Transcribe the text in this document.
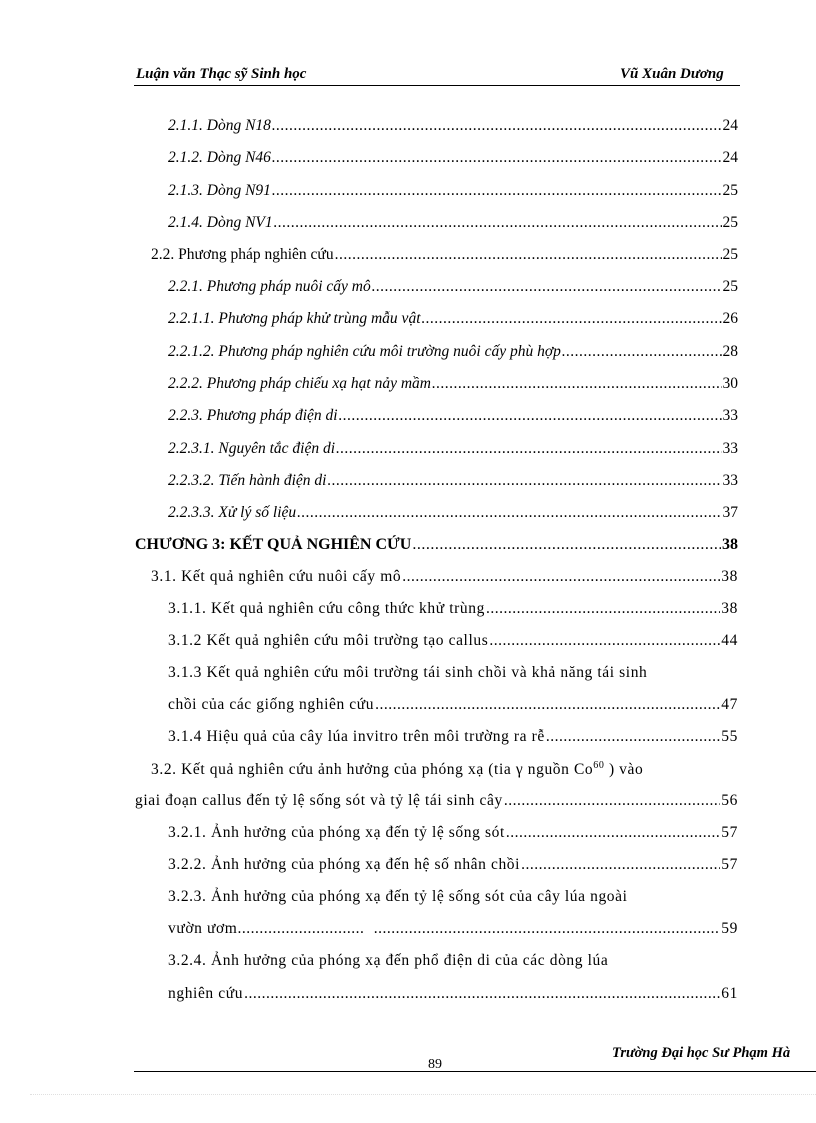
Luận văn Thạc sỹ Sinh học	Vũ Xuân Dương
2.1.1. Dòng N18 .....	24
2.1.2. Dòng N46 .....	24
2.1.3. Dòng N91 .....	25
2.1.4. Dòng NV1 .....	25
2.2. Phương pháp nghiên cứu .....	25
2.2.1. Phương pháp nuôi cấy mô .....	25
2.2.1.1. Phương pháp khử trùng mẫu vật .....	26
2.2.1.2. Phương pháp nghiên cứu môi trường nuôi cấy phù hợp .....	28
2.2.2. Phương pháp chiếu xạ hạt nảy mầm .....	30
2.2.3. Phương pháp điện di .....	33
2.2.3.1. Nguyên tắc điện di .....	33
2.2.3.2. Tiến hành điện di .....	33
2.2.3.3. Xử lý số liệu .....	37
CHƯƠNG 3: KẾT QUẢ NGHIÊN CỨU .....	38
3.1. Kết quả nghiên cứu nuôi cấy mô .....	38
3.1.1. Kết quả nghiên cứu công thức khử trùng .....	38
3.1.2 Kết quả nghiên cứu môi trường tạo callus .....	44
3.1.3 Kết quả nghiên cứu môi trường tái sinh chồi và khả năng tái sinh
chồi của các giống nghiên cứu .....	47
3.1.4 Hiệu quả của cây lúa invitro trên môi trường ra rễ .....	55
3.2. Kết quả nghiên cứu ảnh hưởng của phóng xạ (tia γ nguồn Co$^{60}$ ) vào
giai đoạn callus đến tỷ lệ sống sót và tỷ lệ tái sinh cây .....	56
3.2.1. Ảnh hưởng của phóng xạ đến tỷ lệ sống sót .....	57
3.2.2. Ảnh hưởng của phóng xạ đến hệ số nhân chồi .....	57
3.2.3. Ảnh hưởng của phóng xạ đến tỷ lệ sống sót của cây lúa ngoài
vườn ươm ............................. .....	59
3.2.4. Ảnh hưởng của phóng xạ đến phổ điện di của các dòng lúa
nghiên cứu .....	61
Trường Đại học Sư Phạm Hà
89
